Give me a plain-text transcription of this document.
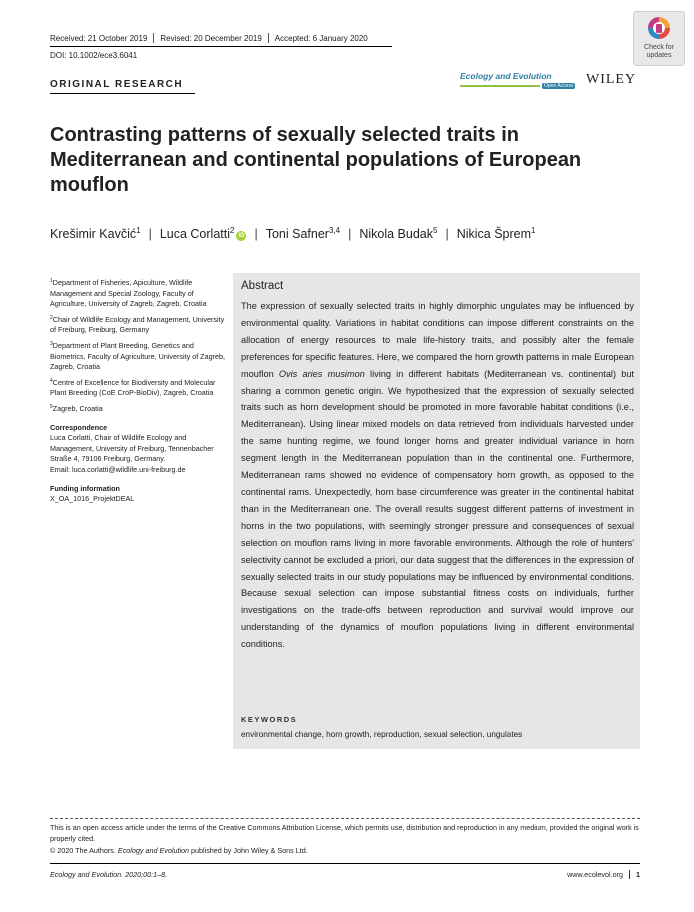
Received: 21 October 2019 Revised: 20 December 2019 Accepted: 6 January 2020
DOI: 10.1002/ece3.6041
Check for
updates
ORIGINAL RESEARCH
Ecology and Evolution
Open Access WILEY
Contrasting patterns of sexually selected traits in Mediterranean and continental populations of European mouflon
Krešimir Kavčić$^1$ | Luca Corlatti$^2$iD | Toni Safner$^{3,4}$ | Nikola Budak$^5$ | Nikica Šprem$^1$
$^1$Department of Fisheries, Apiculture, Wildlife Management and Special Zoology, Faculty of Agriculture, University of Zagreb, Zagreb, Croatia
$^2$Chair of Wildlife Ecology and Management, University of Freiburg, Freiburg, Germany
$^3$Department of Plant Breeding, Genetics and Biometrics, Faculty of Agriculture, University of Zagreb, Zagreb, Croatia
$^4$Centre of Excellence for Biodiversity and Molecular Plant Breeding (CoE CroP-BioDiv), Zagreb, Croatia
$^5$Zagreb, Croatia
Correspondence
Luca Corlatti, Chair of Wildlife Ecology and Management, University of Freiburg, Tennenbacher Straße 4, 79106 Freiburg, Germany.
Email: luca.corlatti@wildlife.uni-freiburg.de
Funding information
X_OA_1016_ProjektDEAL
Abstract

The expression of sexually selected traits in highly dimorphic ungulates may be influenced by environmental quality. Variations in habitat conditions can impose different constraints on the allocation of energy resources to male life-history traits, and possibly alter the female preferences for specific features. Here, we compared the horn growth patterns in male European mouflon Ovis aries musimon living in different habitats (Mediterranean vs. continental) but sharing a common genetic origin. We hypothesized that the expression of sexually selected traits such as horn development should be promoted in more favorable habitat conditions (i.e., Mediterranean). Using linear mixed models on data retrieved from individuals harvested under the same hunting regime, we found longer horns and greater individual variance in horn segment length in the Mediterranean population than in the continental one. Furthermore, Mediterranean rams showed no evidence of compensatory horn growth, as opposed to the continental rams. Unexpectedly, horn base circumference was greater in the continental habitat than in the Mediterranean one. The overall results suggest different patterns of investment in horns in the two populations, with seemingly stronger pressure and consequences of sexual selection on mouflon rams living in more favorable environments. Although the role of hunters' selectivity cannot be excluded a priori, our data suggest that the differences in the expression of sexually selected traits in our study populations may be influenced by environmental conditions. Because sexual selection can impose substantial fitness costs on individuals, further investigations on the trade-offs between reproduction and survival would improve our understanding of the dynamics of mouflon populations living in different environmental conditions.

KEYWORDS
environmental change, horn growth, reproduction, sexual selection, ungulates
This is an open access article under the terms of the Creative Commons Attribution License, which permits use, distribution and reproduction in any medium, provided the original work is properly cited.
© 2020 The Authors. Ecology and Evolution published by John Wiley & Sons Ltd.
Ecology and Evolution. 2020;00:1–8.	www.ecolevol.org 1
